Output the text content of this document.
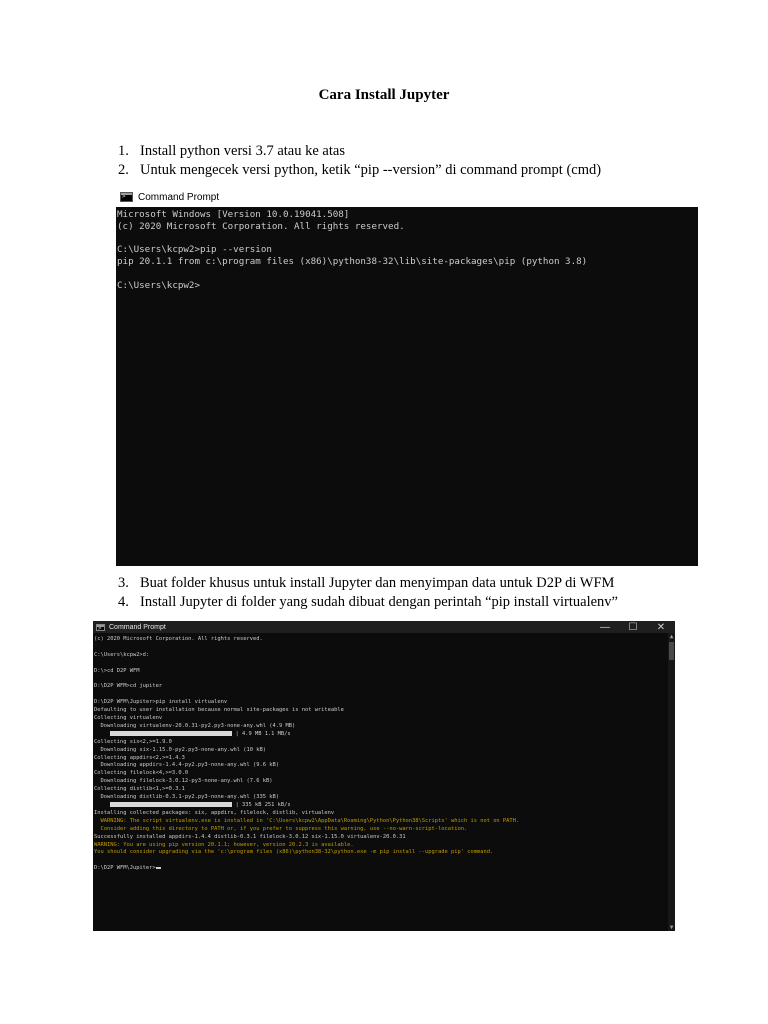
Cara Install Jupyter
1. Install python versi 3.7 atau ke atas
2. Untuk mengecek versi python, ketik “pip --version” di command prompt (cmd)
>
Command Prompt
Microsoft Windows [Version 10.0.19041.508]
(c) 2020 Microsoft Corporation. All rights reserved.
C:\Users\kcpw2>pip --version
pip 20.1.1 from c:\program files (x86)\python38-32\lib\site-packages\pip (python 3.8)
C:\Users\kcpw2>
3. Buat folder khusus untuk install Jupyter dan menyimpan data untuk D2P di WFM
4. Install Jupyter di folder yang sudah dibuat dengan perintah “pip install virtualenv”
>
Command Prompt	—	☐	✕
(c) 2020 Microsoft Corporation. All rights reserved.
C:\Users\kcpw2>d:
D:\>cd D2P WFM
D:\D2P WFM>cd jupiter
D:\D2P WFM\Jupiter>pip install virtualenv
Defaulting to user installation because normal site-packages is not writeable
Collecting virtualenv
Downloading virtualenv-20.0.31-py2.py3-none-any.whl (4.9 MB)
| 4.9 MB 1.1 MB/s
Collecting six<2,>=1.9.0
Downloading six-1.15.0-py2.py3-none-any.whl (10 kB)
Collecting appdirs<2,>=1.4.3
Downloading appdirs-1.4.4-py2.py3-none-any.whl (9.6 kB)
Collecting filelock<4,>=3.0.0
Downloading filelock-3.0.12-py3-none-any.whl (7.6 kB)
Collecting distlib<1,>=0.3.1
Downloading distlib-0.3.1-py2.py3-none-any.whl (335 kB)
| 335 kB 251 kB/s
Installing collected packages: six, appdirs, filelock, distlib, virtualenv
WARNING: The script virtualenv.exe is installed in 'C:\Users\kcpw2\AppData\Roaming\Python\Python38\Scripts' which is not on PATH.
Consider adding this directory to PATH or, if you prefer to suppress this warning, use --no-warn-script-location.
Successfully installed appdirs-1.4.4 distlib-0.3.1 filelock-3.0.12 six-1.15.0 virtualenv-20.0.31
WARNING: You are using pip version 20.1.1; however, version 20.2.3 is available.
You should consider upgrading via the 'c:\program files (x86)\python38-32\python.exe -m pip install --upgrade pip' command.
D:\D2P WFM\Jupiter>
▲
▼
